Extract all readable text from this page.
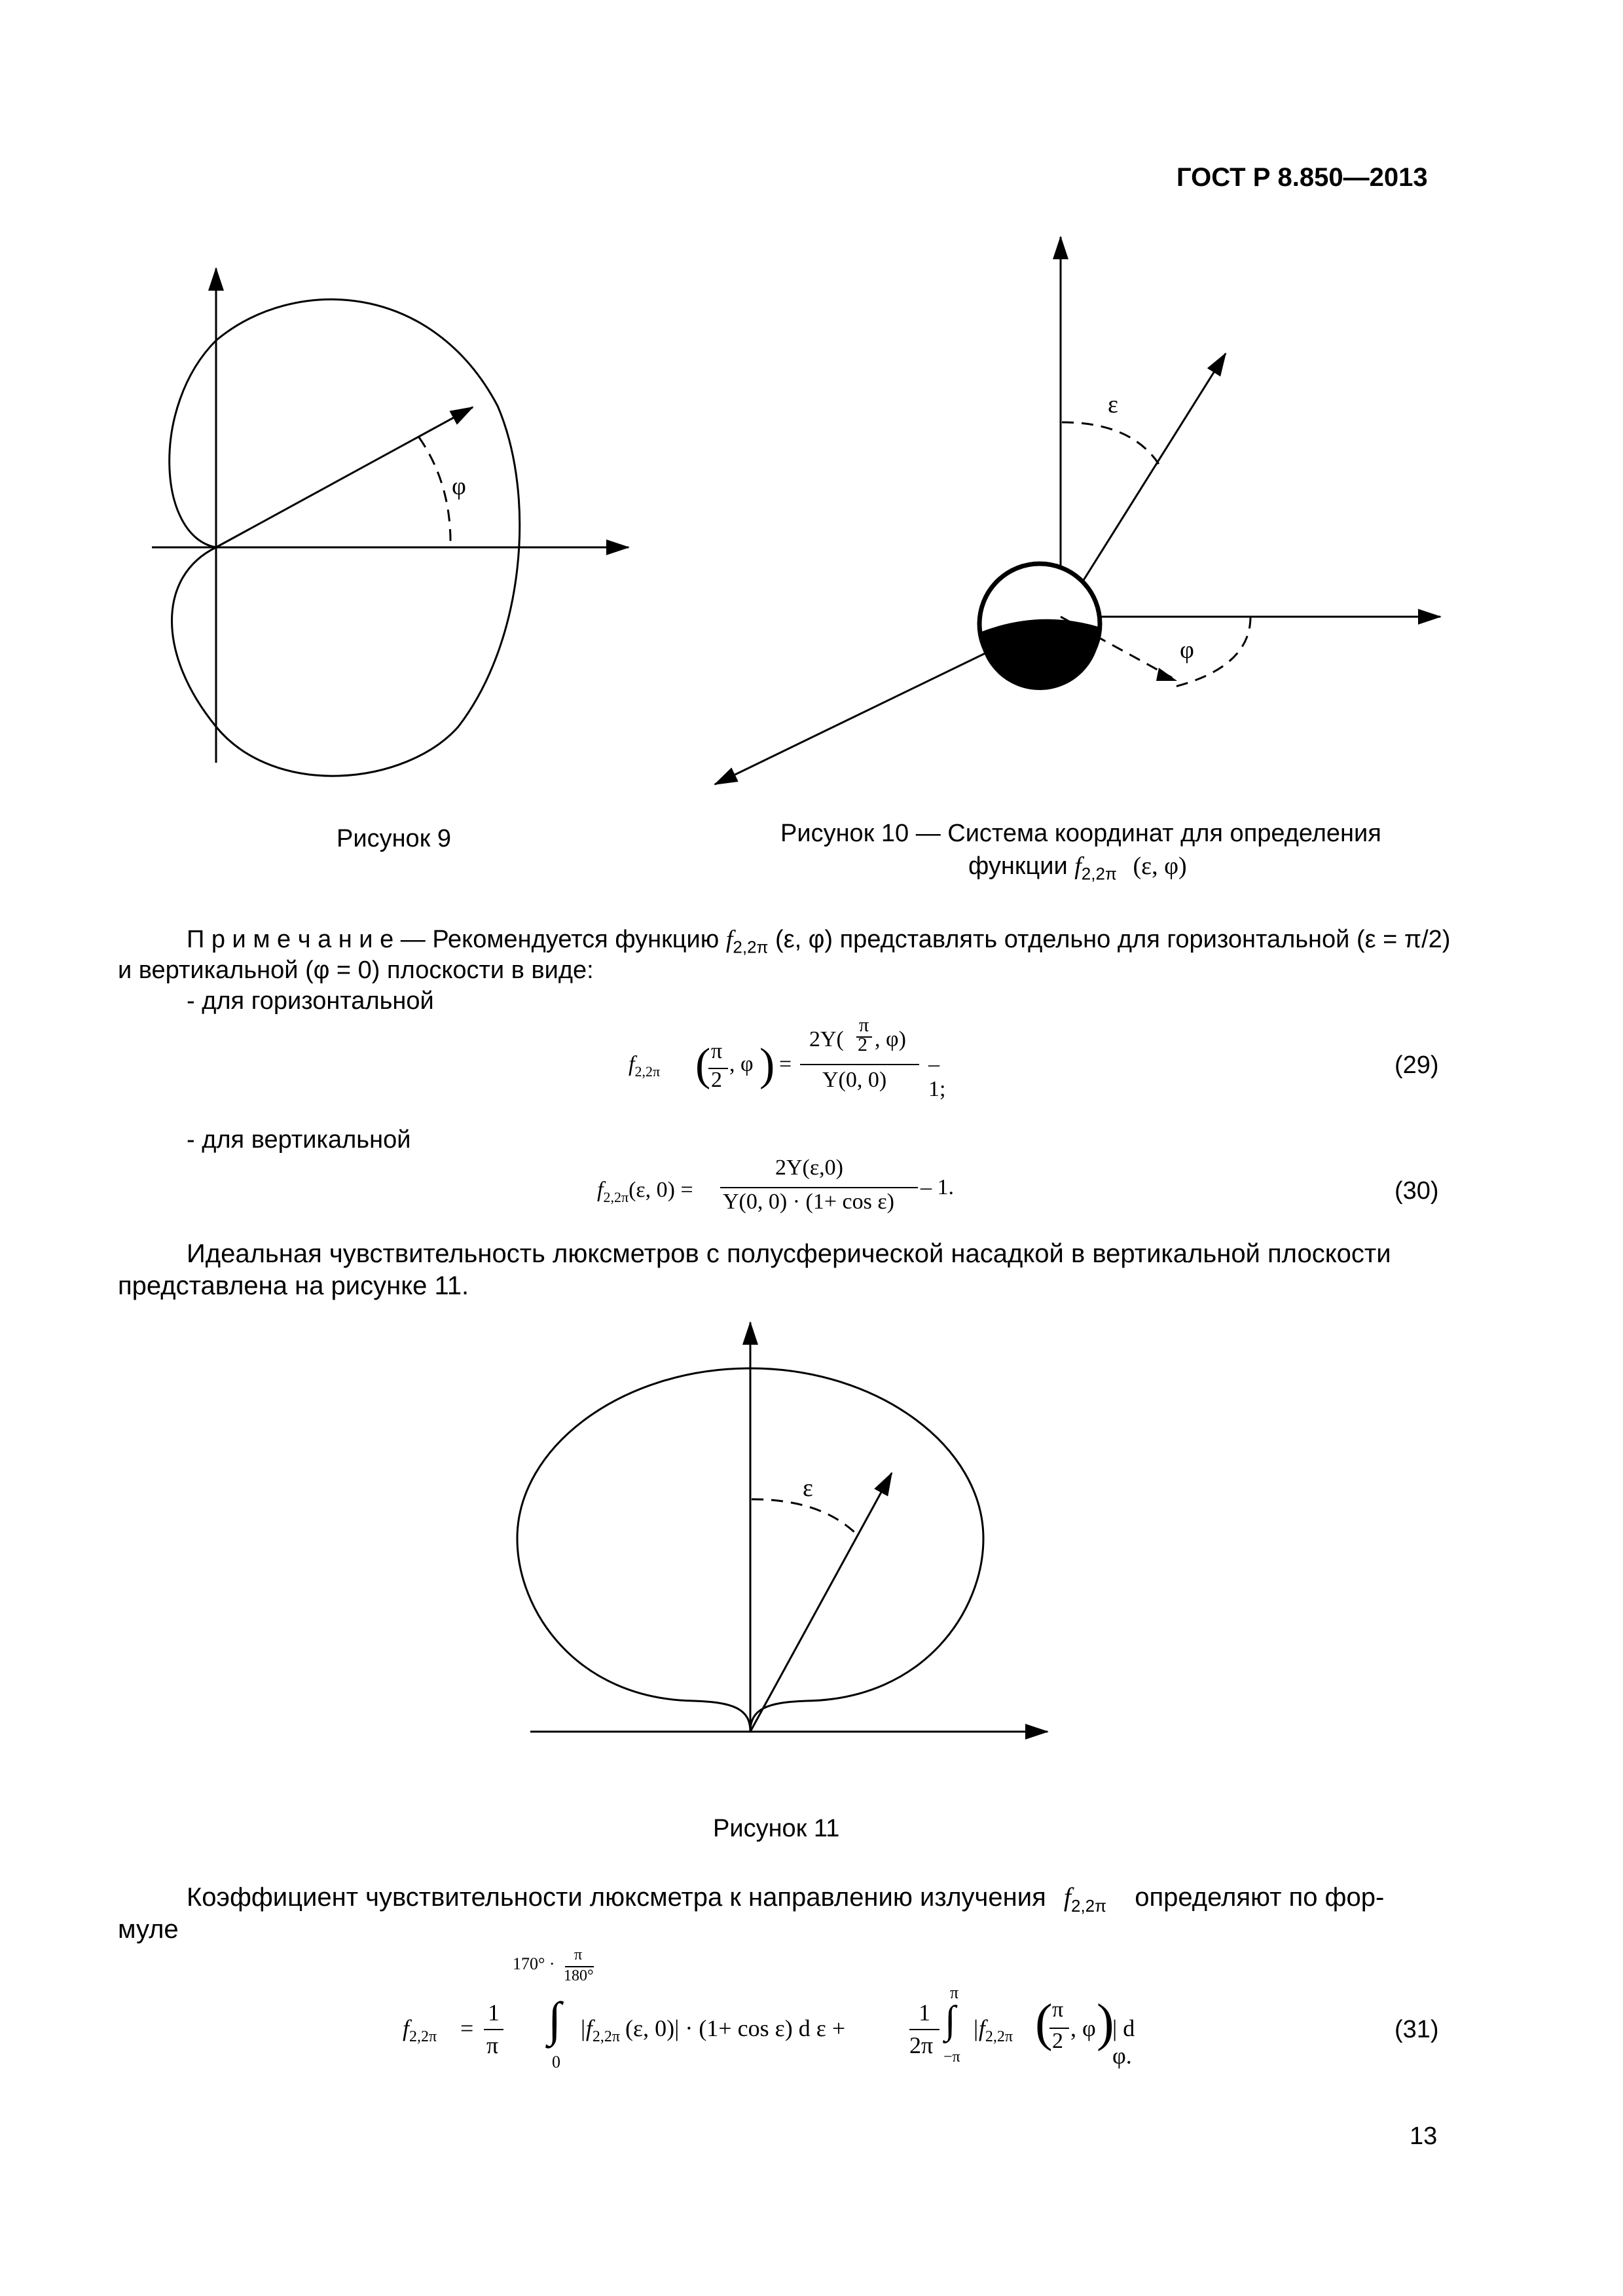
ГОСТ Р 8.850—2013
φ
Рисунок 9
ε
φ
Рисунок 10 — Система координат для определения
функции $f_{2,2\pi}$ (ε, φ)
П р и м е ч а н и е — Рекомендуется функцию $f_{2,2\pi}$ (ε, φ) представлять отдельно для горизонтальной (ε = π/2)
и вертикальной (φ = 0) плоскости в виде:
- для горизонтальной
$f_{2,2\pi}$ ( π
2
, φ ) =
2Y(
π
2 , φ)
Y(0, 0)
– 1;
(29)
- для вертикальной
$f_{2,2\pi}(\varepsilon$, 0) =
2Y(ε,0)
Y(0, 0) · (1+ cos ε)
– 1.	(30)
Идеальная чувствительность люксметров с полусферической насадкой в вертикальной плоскости
представлена на рисунке 11.
ε
Рисунок 11
Коэффициент чувствительности люксметра к направлению излучения $f_{2,2\pi}$ определяют по фор-
муле
$f_{2,2\pi}$ =
1
π
170° · π
180°
∫
0
$|f_{2,2\pi}$ (ε, 0)| · (1+ cos ε) d ε +
1
2π
π
∫
−π
$|f_{2,2\pi}$ ( π
2 , φ )
| d φ.
(31)
13
